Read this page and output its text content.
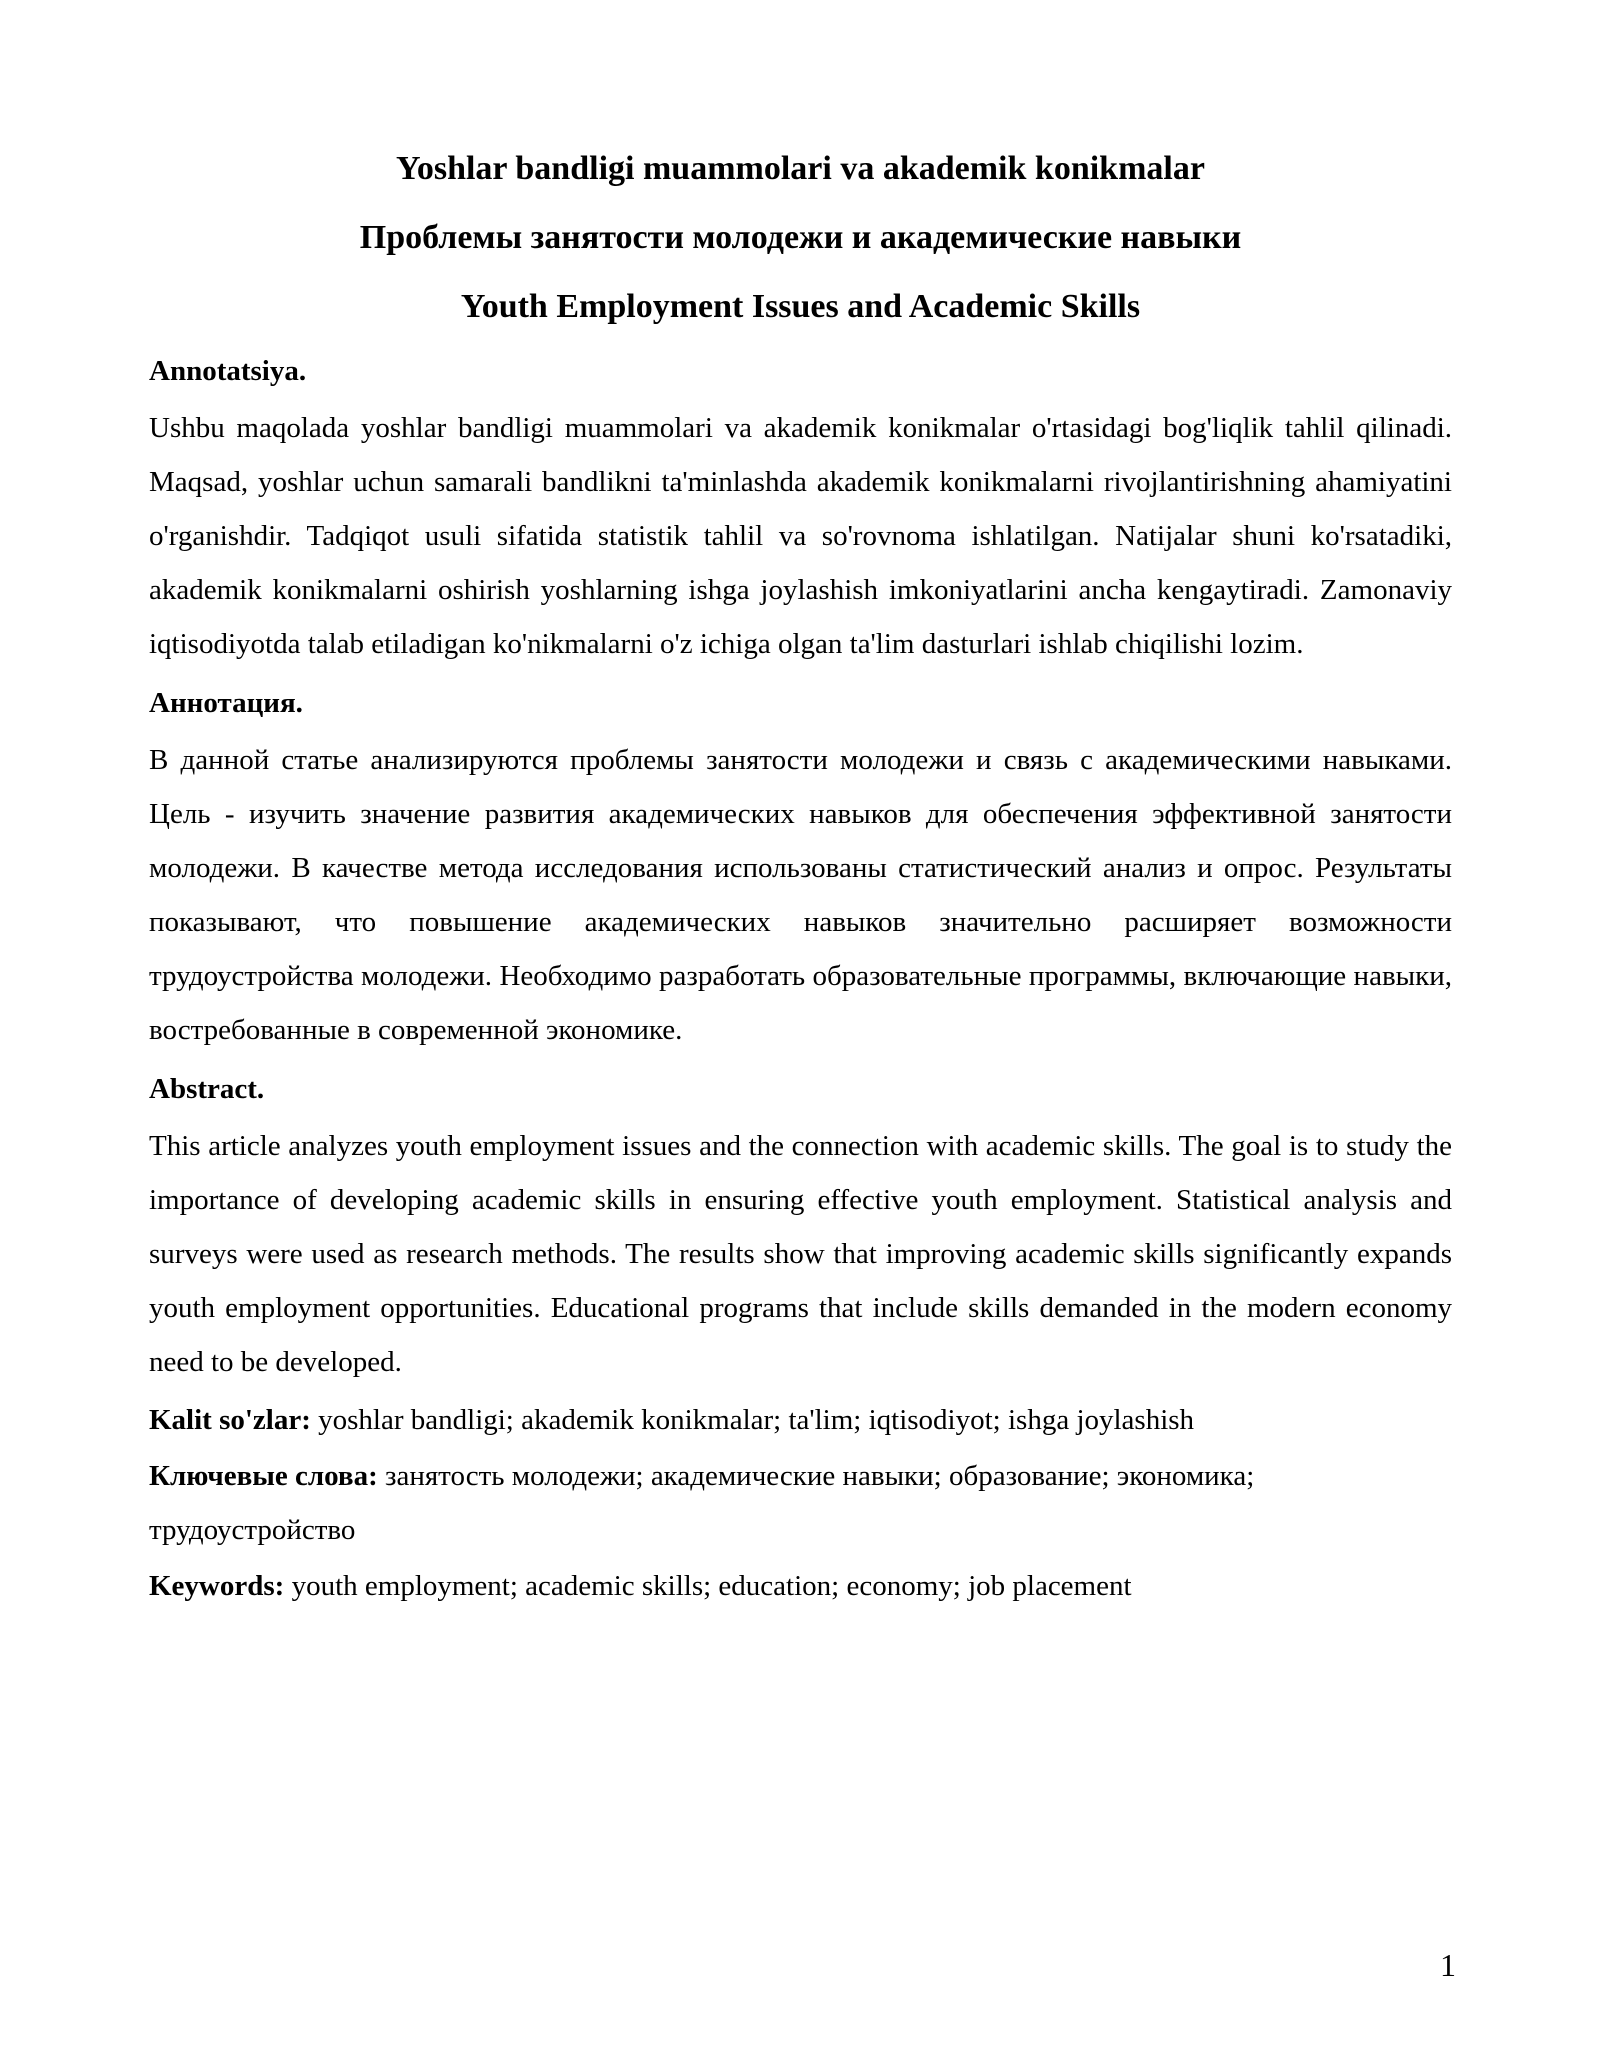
Yoshlar bandligi muammolari va akademik konikmalar
Проблемы занятости молодежи и академические навыки
Youth Employment Issues and Academic Skills
Annotatsiya.
Ushbu maqolada yoshlar bandligi muammolari va akademik konikmalar o'rtasidagi bog'liqlik tahlil qilinadi. Maqsad, yoshlar uchun samarali bandlikni ta'minlashda akademik konikmalarni rivojlantirishning ahamiyatini o'rganishdir. Tadqiqot usuli sifatida statistik tahlil va so'rovnoma ishlatilgan. Natijalar shuni ko'rsatadiki, akademik konikmalarni oshirish yoshlarning ishga joylashish imkoniyatlarini ancha kengaytiradi. Zamonaviy iqtisodiyotda talab etiladigan ko'nikmalarni o'z ichiga olgan ta'lim dasturlari ishlab chiqilishi lozim.
Аннотация.
В данной статье анализируются проблемы занятости молодежи и связь с академическими навыками. Цель - изучить значение развития академических навыков для обеспечения эффективной занятости молодежи. В качестве метода исследования использованы статистический анализ и опрос. Результаты показывают, что повышение академических навыков значительно расширяет возможности трудоустройства молодежи. Необходимо разработать образовательные программы, включающие навыки, востребованные в современной экономике.
Abstract.
This article analyzes youth employment issues and the connection with academic skills. The goal is to study the importance of developing academic skills in ensuring effective youth employment. Statistical analysis and surveys were used as research methods. The results show that improving academic skills significantly expands youth employment opportunities. Educational programs that include skills demanded in the modern economy need to be developed.
Kalit so'zlar: yoshlar bandligi; akademik konikmalar; ta'lim; iqtisodiyot; ishga joylashish
Ключевые слова: занятость молодежи; академические навыки; образование; экономика; трудоустройство
Keywords: youth employment; academic skills; education; economy; job placement
1
